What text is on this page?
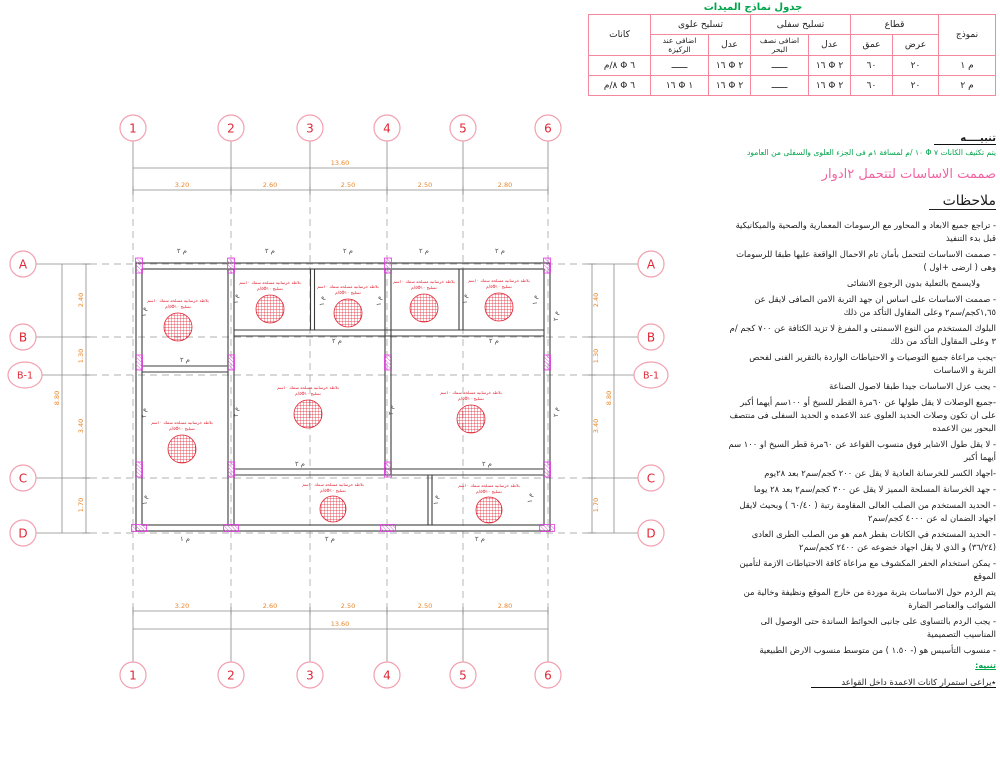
جدول نماذج الميدات
نموذج	قطاع		تسليح سفلى		تسليح علوى		كانات
	عرض	عمق	عدل	اضافى نصف البحر	عدل	اضافى عند الركيزة	
م ١	٢٠	٦٠	٢ Φ ١٦	ــــــ	٢ Φ ١٦	ــــــ	٦ Φ ٨/م
م ٢	٢٠	٦٠	٢ Φ ١٦	ــــــ	٢ Φ ١٦	١ Φ ١٦	٦ Φ ٨/م
تنبيــــه
يتم تكثيف الكانات ٧ Φ ١٠ /م لمسافة ١م فى الجزء العلوى والسفلى من العامود
صممت الاساسات لتتحمل ٢ادوار
ملاحظات
- تراجع جميع الابعاد و المحاور مع الرسومات المعمارية والصحية والميكانيكية قبل بدء التنفيذ
- صممت الاساسات لتتحمل بأمان تام الاحمال الواقعة عليها طبقا للرسومات وهى ( ارضى +اول )
ولايسمح بالتعلية بدون الرجوع الانشائى
- صممت الاساسات على اساس ان جهد التربة الامن الصافى لايقل عن ١,٦٥كجم/سم٢ وعلى المقاول التأكد من ذلك
البلوك المستخدم من النوع الاسمنتى و المفرغ لا تزيد الكثافة عن ٧٠٠ كجم /م ٣ وعلى المقاول التأكد من ذلك
-يجب مراعاة جميع التوصيات و الاحتياطات الواردة بالتقرير الفنى لفحص التربة و الاساسات
- يجب عزل الاساسات جيدا طبقا لاصول الصناعة
-جميع الوصلات لا يقل طولها عن ٦٠مرة القطر للسيخ أو ١٠٠سم أيهما أكبر على ان تكون وصلات الحديد العلوى عند الاعمده و الحديد السفلى فى منتصف البحور بين الاعمده
- لا يقل طول الاشاير فوق منسوب القواعد عن ٦٠مرة قطر السيخ او ١٠٠ سم أيهما أكبر
-اجهاد الكسر للخرسانة العادية لا يقل عن ٢٠٠ كجم/سم٢ بعد ٢٨يوم
- جهد الخرسانة المسلحة المميز لا يقل عن ٣٠٠ كجم/سم٢ بعد ٢٨ يوما
- الحديد المستخدم من الصلب العالى المقاومة رتبة ( ٦٠/٤٠ ) وبحيث لايقل اجهاد الضمان له عن ٤٠٠٠ كجم/سم٢
- الحديد المستخدم في الكانات بقطر ٨مم هو من الصلب الطرى العادى (٣٦/٢٤) و الذي لا يقل اجهاد خضوعه عن ٢٤٠٠ كجم/سم٢
- يمكن استخدام الحفر المكشوف مع مراعاة كافة الاحتياطات الازمة لتأمين الموقع
يتم الردم حول الاساسات بتربة موردة من خارج الموقع ونظيفة وخالية من الشوائب والعناصر الضارة
- يجب الردم بالتساوى على جانبى الحوائط الساندة حتى الوصول الى المناسيب التصميمية
- منسوب التأسيس هو (- ١.٥٠ ) من متوسط منسوب الارض الطبيعية
تنبيه:
٭يراعى استمرار كانات الاعمدة داخل القواعد
3.20	2.60	2.50	2.50	2.80
13.60
3.20	2.60	2.50	2.50	2.80
13.60
2.40
1.30
3.40
1.70
8.80
2.40
1.30
3.40
1.70
8.80
بلاطة خرسانية مسلحة سمك ١٠سم
تسليح ٥Φ١٠/م
بلاطة خرسانية مسلحة سمك ١٠سم
تسليح ٥Φ١٠/م	بلاطة خرسانية مسلحة سمك ١٠سم
تسليح ٥Φ١٠/م
بلاطة خرسانية مسلحة سمك ١٠سم
تسليح ٥Φ١٠/م
بلاطة خرسانية مسلحة سمك ١٠سم
تسليح ٥Φ١٠/م
بلاطة خرسانية مسلحة سمك ١٠سم
تسليح ٥Φ١٠/م
بلاطة خرسانية مسلحة سمك ١٠سم
تسليح ٥Φ١٠/م	بلاطة خرسانية مسلحة سمك ١٠سم
تسليح ٥Φ١٠/م
بلاطة خرسانية مسلحة سمك ١٠سم
تسليح ٥Φ١٠/م
بلاطة خرسانية مسلحة سمك ١٠سم
تسليح ٥Φ١٠/م
م ٢	م ٢	م ٢	م ٢	م ٢
م ٢
م ٢	م ٢
م ٢	م ٢
م ١	م ٢	م ٢
م ١
م ١
م ١
م ١	م ١
م ١
م ١
م ١	م ١
م ٢
م ٢	م ٢
م ٢
م ٢
1	2	3	4	5	6
1	2	3	4	5	6
A
B
B-1
C
D
A
B
B-1
C
D
